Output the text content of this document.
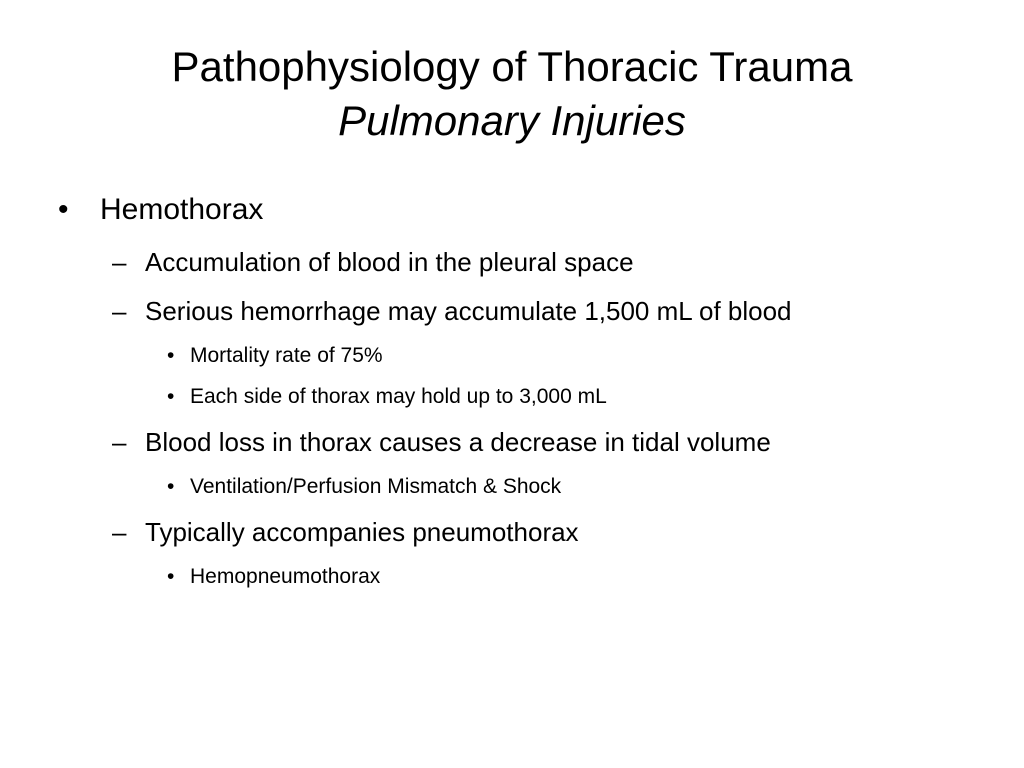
Pathophysiology of Thoracic Trauma
Pulmonary Injuries
• Hemothorax
– Accumulation of blood in the pleural space
– Serious hemorrhage may accumulate 1,500 mL of blood
• Mortality rate of 75%
• Each side of thorax may hold up to 3,000 mL
– Blood loss in thorax causes a decrease in tidal volume
• Ventilation/Perfusion Mismatch & Shock
– Typically accompanies pneumothorax
• Hemopneumothorax
